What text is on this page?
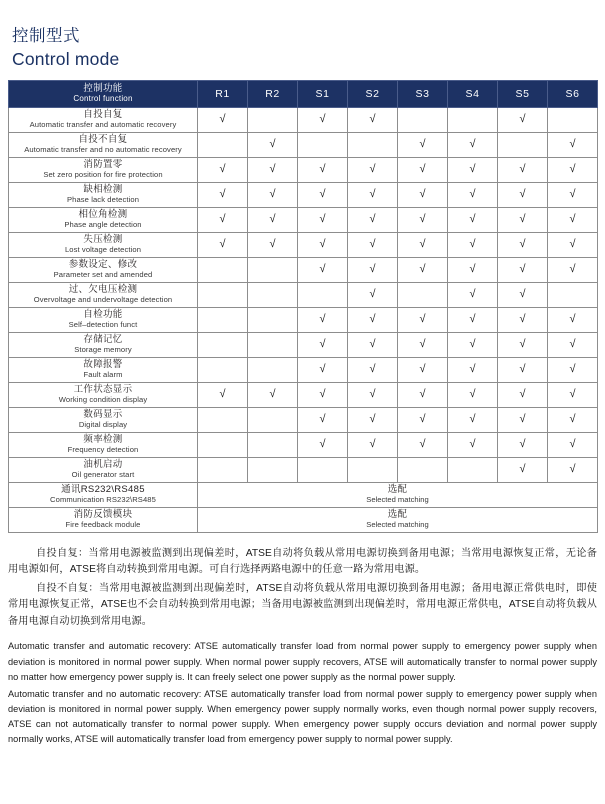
控制型式
Control mode
控制功能
Control function	R1	R2	S1	S2	S3	S4	S5	S6

自投自复
Automatic transfer and automatic recovery	√		√	√			√	

自投不自复
Automatic transfer and no automatic recovery		√			√	√		√

消防置零
Set zero position for fire protection	√	√	√	√	√	√	√	√

缺相检测
Phase lack detection	√	√	√	√	√	√	√	√

相位角检测
Phase angle detection	√	√	√	√	√	√	√	√

失压检测
Lost voltage detection	√	√	√	√	√	√	√	√

参数设定、修改
Parameter set and amended			√	√	√	√	√	√

过、欠电压检测
Overvoltage and undervoltage detection				√		√	√	

自检功能
Self–detection funct			√	√	√	√	√	√

存储记忆
Storage memory			√	√	√	√	√	√

故障报警
Fault alarm			√	√	√	√	√	√

工作状态显示
Working condition display	√	√	√	√	√	√	√	√

数码显示
Digital display			√	√	√	√	√	√

频率检测
Frequency detection			√	√	√	√	√	√

油机启动
Oil generator start							√	√

通讯RS232\RS485
Communication RS232\RS485	选配
Selected matching							

消防反馈模块
Fire feedback module	选配
Selected matching							

自投自复：当常用电源被监测到出现偏差时，ATSE自动将负载从常用电源切换到备用电源；当常用电源恢复正常，无论备用电源如何，ATSE将自动转换到常用电源。可自行选择两路电源中的任意一路为常用电源。

自投不自复：当常用电源被监测到出现偏差时，ATSE自动将负载从常用电源切换到备用电源；备用电源正常供电时，即使常用电源恢复正常，ATSE也不会自动转换到常用电源；当备用电源被监测到出现偏差时，常用电源正常供电，ATSE自动将负载从备用电源自动切换到常用电源。

Automatic transfer and automatic recovery: ATSE automatically transfer load from normal power supply to emergency power supply when deviation is monitored in normal power supply. When normal power supply recovers, ATSE will automatically transfer to normal power supply no matter how emergency power supply is. It can freely select one power supply as the normal power supply.

Automatic transfer and no automatic recovery: ATSE automatically transfer load from normal power supply to emergency power supply when deviation is monitored in normal power supply. When emergency power supply normally works, even though normal power supply recovers, ATSE can not automatically transfer to normal power supply. When emergency power supply occurs deviation and normal power supply normally works, ATSE will automatically transfer load from emergency power supply to normal power supply.
